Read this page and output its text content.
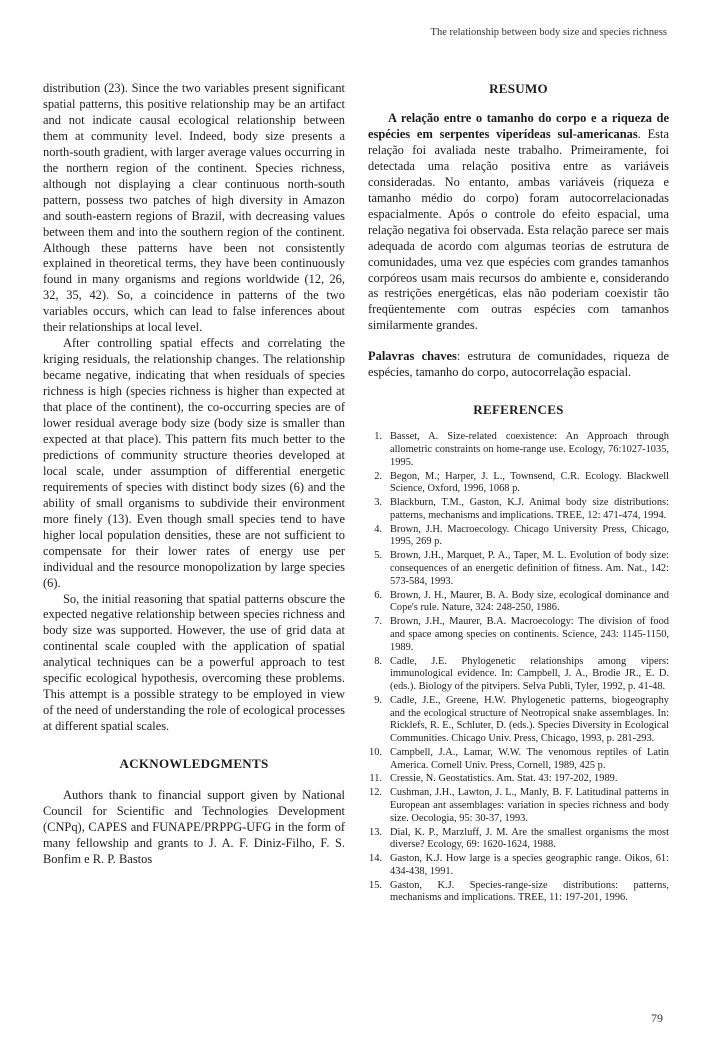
The relationship between body size and species richness

distribution (23). Since the two variables present significant spatial patterns, this positive relationship may be an artifact and not indicate causal ecological relationship between them at community level. Indeed, body size presents a north-south gradient, with larger average values occurring in the northern region of the continent. Species richness, although not displaying a clear continuous north-south pattern, possess two patches of high diversity in Amazon and south-eastern regions of Brazil, with decreasing values between them and into the southern region of the continent. Although these patterns have been not consistently explained in theoretical terms, they have been continuously found in many organisms and regions worldwide (12, 26, 32, 35, 42). So, a coincidence in patterns of the two variables occurs, which can lead to false inferences about their relationships at local level.

After controlling spatial effects and correlating the kriging residuals, the relationship changes. The relationship became negative, indicating that when residuals of species richness is high (species richness is higher than expected at that place of the continent), the co-occurring species are of lower residual average body size (body size is smaller than expected at that place). This pattern fits much better to the predictions of community structure theories developed at local scale, under assumption of differential energetic requirements of species with distinct body sizes (6) and the ability of small organisms to subdivide their environment more finely (13). Even though small species tend to have higher local population densities, these are not sufficient to compensate for their lower rates of energy use per individual and the resource monopolization by large species (6).

So, the initial reasoning that spatial patterns obscure the expected negative relationship between species richness and body size was supported. However, the use of grid data at continental scale coupled with the application of spatial analytical techniques can be a powerful approach to test specific ecological hypothesis, overcoming these problems. This attempt is a possible strategy to be employed in view of the need of understanding the role of ecological processes at different spatial scales.

ACKNOWLEDGMENTS

Authors thank to financial support given by National Council for Scientific and Technologies Development (CNPq), CAPES and FUNAPE/PRPPG-UFG in the form of many fellowship and grants to J. A. F. Diniz-Filho, F. S. Bonfim e R. P. Bastos

RESUMO

A relação entre o tamanho do corpo e a riqueza de espécies em serpentes viperídeas sul-americanas. Esta relação foi avaliada neste trabalho. Primeiramente, foi detectada uma relação positiva entre as variáveis consideradas. No entanto, ambas variáveis (riqueza e tamanho médio do corpo) foram autocorrelacionadas espacialmente. Após o controle do efeito espacial, uma relação negativa foi observada. Esta relação parece ser mais adequada de acordo com algumas teorias de estrutura de comunidades, uma vez que espécies com grandes tamanhos corpóreos usam mais recursos do ambiente e, considerando as restrições energéticas, elas não poderiam coexistir tão freqüentemente com outras espécies com tamanhos similarmente grandes.

Palavras chaves: estrutura de comunidades, riqueza de espécies, tamanho do corpo, autocorrelação espacial.

REFERENCES
1. Basset, A. Size-related coexistence: An Approach through allometric constraints on home-range use. Ecology, 76:1027-1035, 1995.
2. Begon, M.; Harper, J. L., Townsend, C.R. Ecology. Blackwell Science, Oxford, 1996, 1068 p.
3. Blackburn, T.M., Gaston, K.J. Animal body size distributions: patterns, mechanisms and implications. TREE, 12: 471-474, 1994.
4. Brown, J.H. Macroecology. Chicago University Press, Chicago, 1995, 269 p.
5. Brown, J.H., Marquet, P. A., Taper, M. L. Evolution of body size: consequences of an energetic definition of fitness. Am. Nat., 142: 573-584, 1993.
6. Brown, J. H., Maurer, B. A. Body size, ecological dominance and Cope's rule. Nature, 324: 248-250, 1986.
7. Brown, J.H., Maurer, B.A. Macroecology: The division of food and space among species on continents. Science, 243: 1145-1150, 1989.
8. Cadle, J.E. Phylogenetic relationships among vipers: immunological evidence. In: Campbell, J. A., Brodie JR., E. D. (eds.). Biology of the pitvipers. Selva Publi, Tyler, 1992, p. 41-48.
9. Cadle, J.E., Greene, H.W. Phylogenetic patterns, biogeography and the ecological structure of Neotropical snake assemblages. In: Ricklefs, R. E., Schluter, D. (eds.). Species Diversity in Ecological Communities. Chicago Univ. Press, Chicago, 1993, p. 281-293.
10. Campbell, J.A., Lamar, W.W. The venomous reptiles of Latin America. Cornell Univ. Press, Cornell, 1989, 425 p.
11. Cressie, N. Geostatistics. Am. Stat. 43: 197-202, 1989.
12. Cushman, J.H., Lawton, J. L., Manly, B. F. Latitudinal patterns in European ant assemblages: variation in species richness and body size. Oecologia, 95: 30-37, 1993.
13. Dial, K. P., Marzluff, J. M. Are the smallest organisms the most diverse? Ecology, 69: 1620-1624, 1988.
14. Gaston, K.J. How large is a species geographic range. Oikos, 61: 434-438, 1991.
15. Gaston, K.J. Species-range-size distributions: patterns, mechanisms and implications. TREE, 11: 197-201, 1996.
79
